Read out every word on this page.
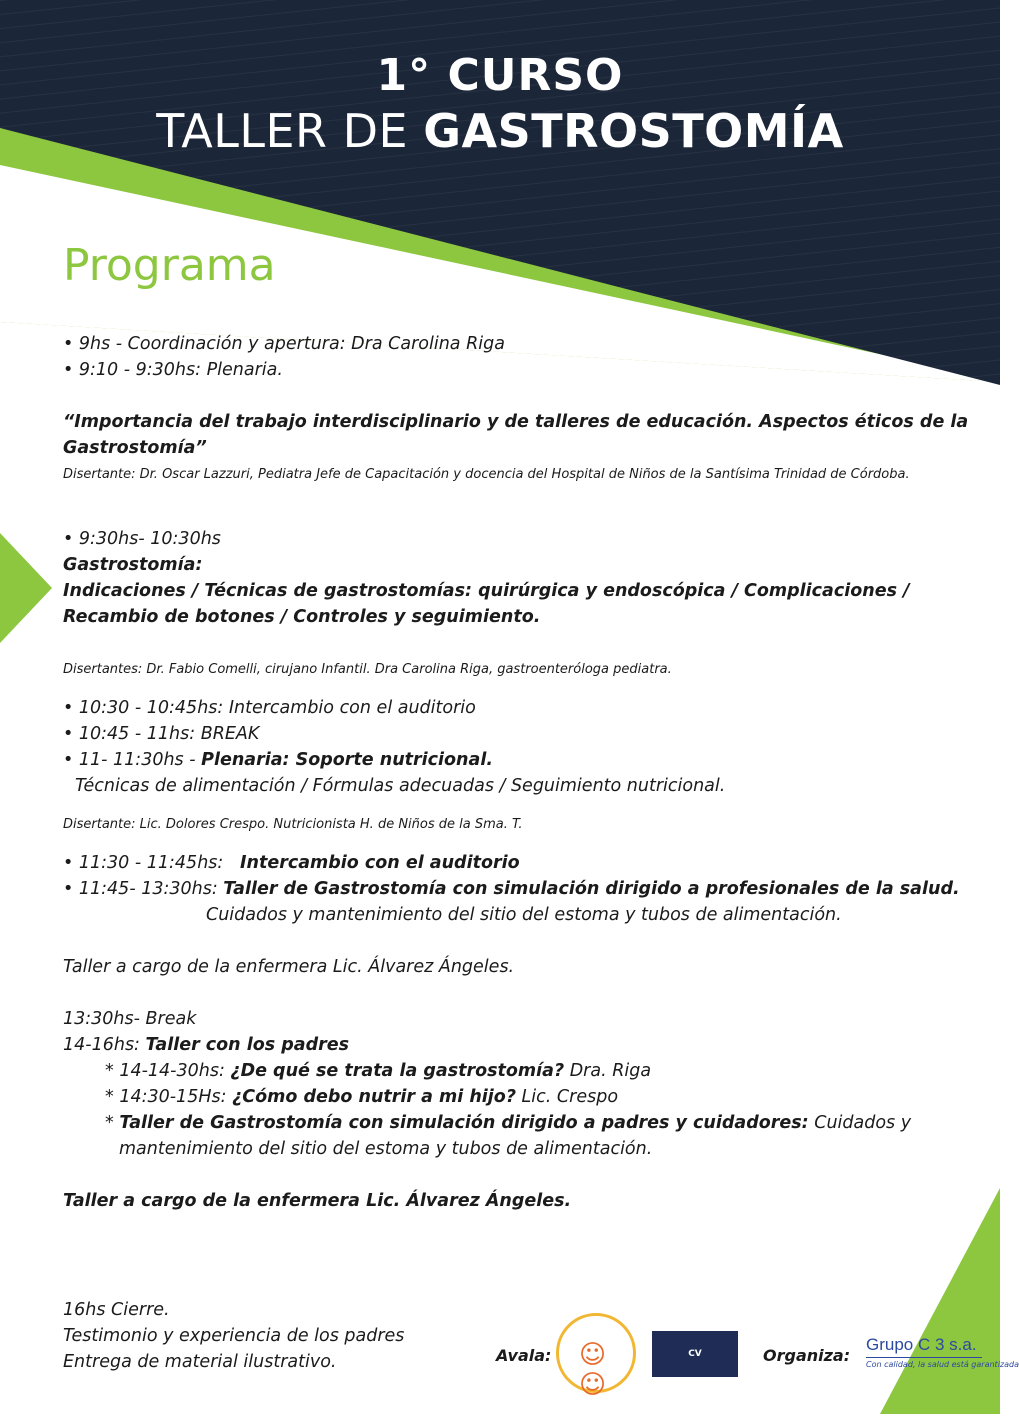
1° CURSO
TALLER DE GASTROSTOMÍA
Programa

• 9hs - Coordinación y apertura: Dra Carolina Riga

• 9:10 - 9:30hs: Plenaria.

“Importancia del trabajo interdisciplinario y de talleres de educación. Aspectos éticos de la Gastrostomía”

Disertante: Dr. Oscar Lazzuri, Pediatra Jefe de Capacitación y docencia del Hospital de Niños de la Santísima Trinidad de Córdoba.

• 9:30hs- 10:30hs

Gastrostomía:

Indicaciones / Técnicas de gastrostomías: quirúrgica y endoscópica / Complicaciones / Recambio de botones / Controles y seguimiento.

Disertantes: Dr. Fabio Comelli, cirujano Infantil. Dra Carolina Riga, gastroenteróloga pediatra.

• 10:30 - 10:45hs: Intercambio con el auditorio

• 10:45 - 11hs: BREAK

• 11- 11:30hs - Plenaria: Soporte nutricional.

Técnicas de alimentación / Fórmulas adecuadas / Seguimiento nutricional.

Disertante: Lic. Dolores Crespo. Nutricionista H. de Niños de la Sma. T.

• 11:30 - 11:45hs:   Intercambio con el auditorio

• 11:45- 13:30hs: Taller de Gastrostomía con simulación dirigido a profesionales de la salud.

Cuidados y mantenimiento del sitio del estoma y tubos de alimentación.

Taller a cargo de la enfermera Lic. Álvarez Ángeles.

13:30hs- Break

14-16hs: Taller con los padres

* 14-14-30hs: ¿De qué se trata la gastrostomía? Dra. Riga

* 14:30-15Hs: ¿Cómo debo nutrir a mi hijo? Lic. Crespo

* Taller de Gastrostomía con simulación dirigido a padres y cuidadores: Cuidados y

mantenimiento del sitio del estoma y tubos de alimentación.

Taller a cargo de la enfermera Lic. Álvarez Ángeles.

16hs Cierre.

Testimonio y experiencia de los padres

Entrega de material ilustrativo.	Avala: ☺☺
CV CARDIOVASCULAR
Organiza:
Grupo C 3 s.a.
Con calidad, la salud está garantizada
